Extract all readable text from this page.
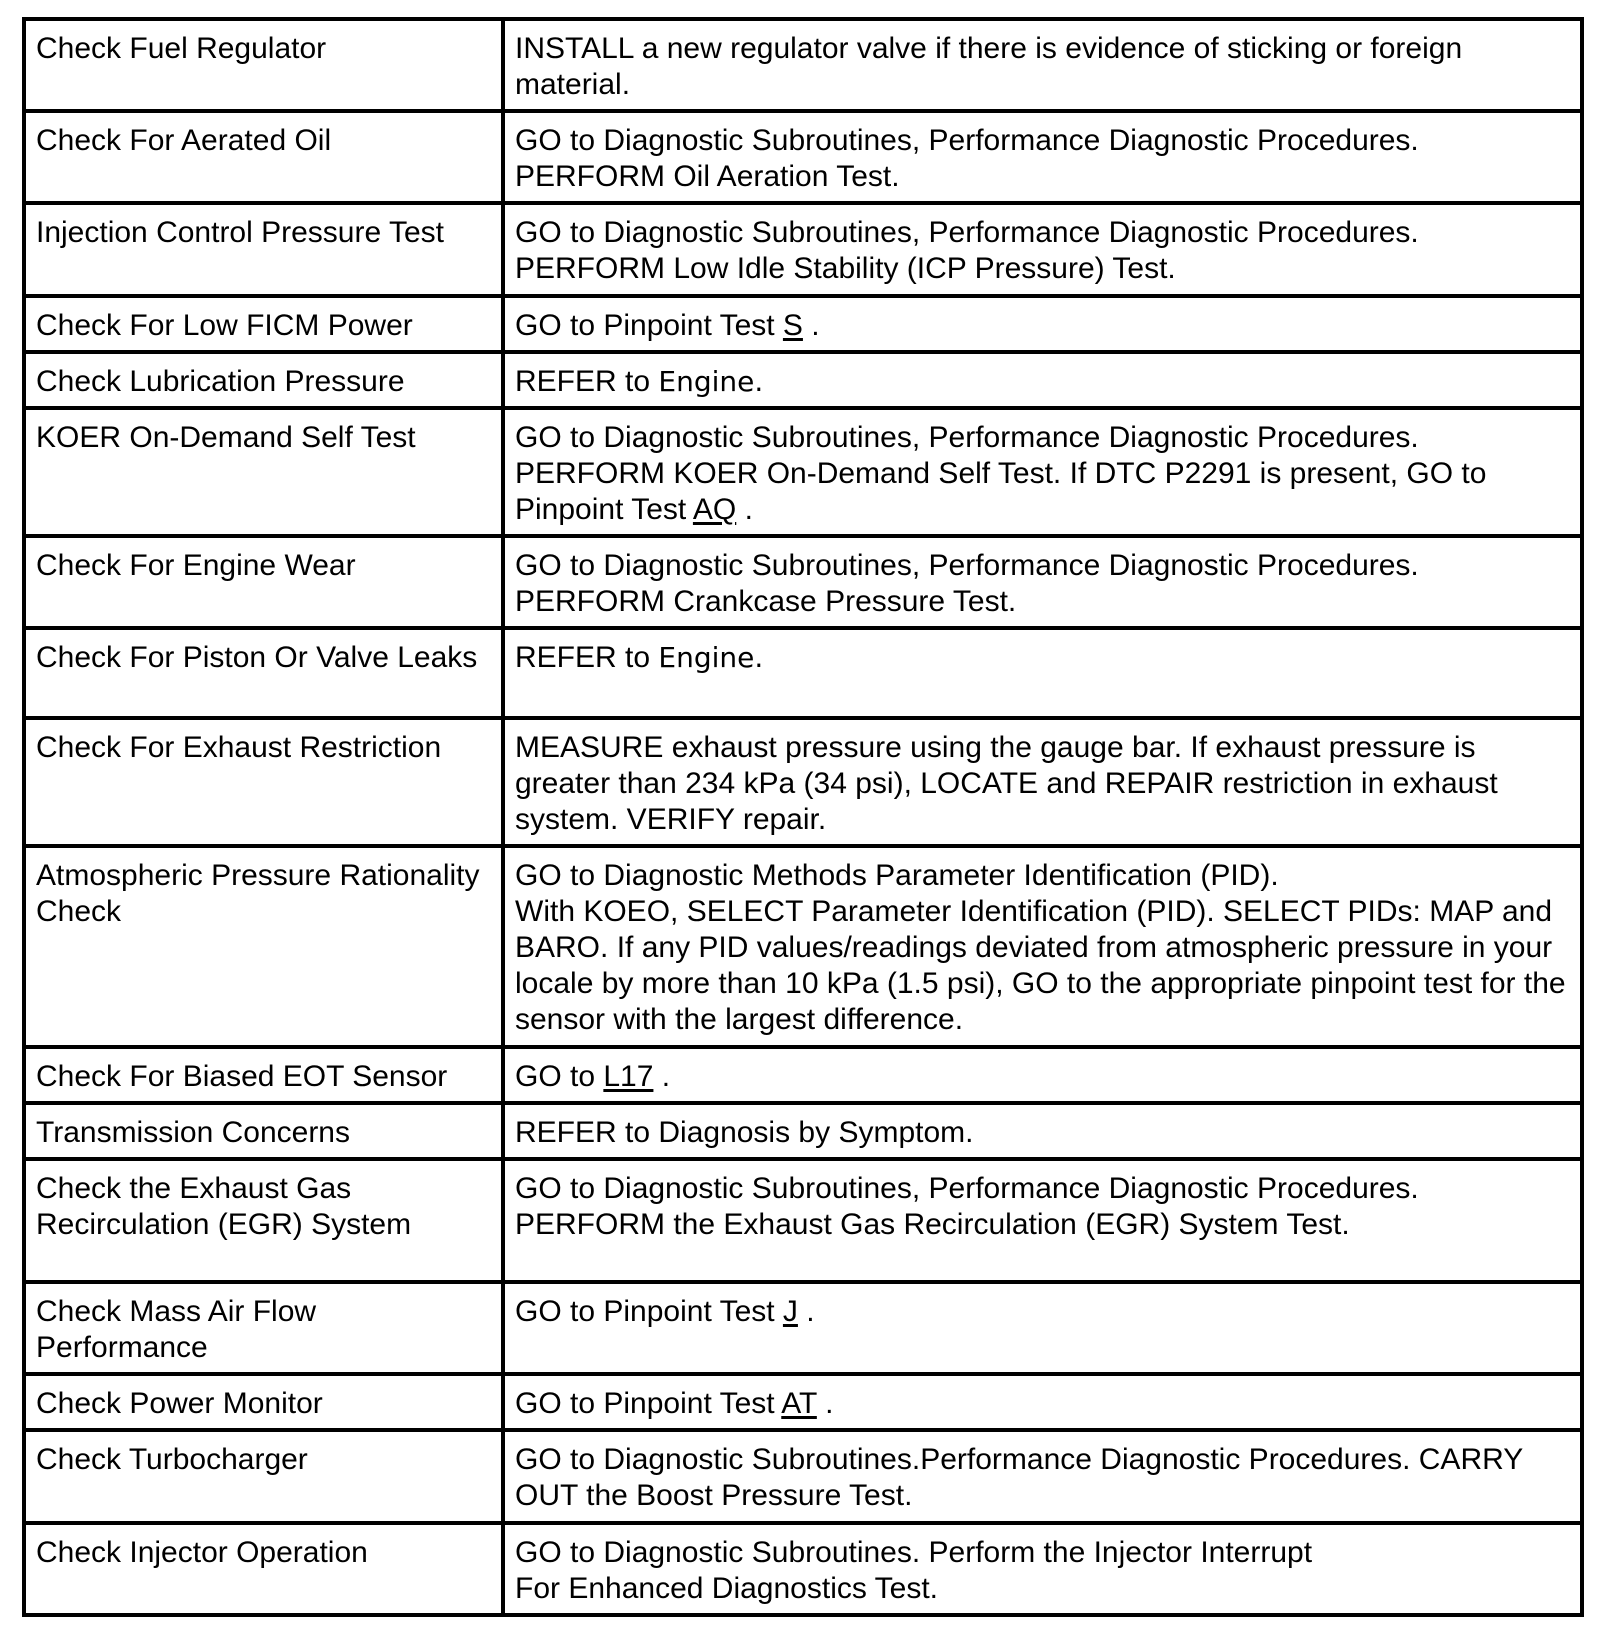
Check Fuel Regulator	INSTALL a new regulator valve if there is evidence of sticking or foreign material.
Check For Aerated Oil	GO to Diagnostic Subroutines, Performance Diagnostic Procedures. PERFORM Oil Aeration Test.
Injection Control Pressure Test	GO to Diagnostic Subroutines, Performance Diagnostic Procedures. PERFORM Low Idle Stability (ICP Pressure) Test.
Check For Low FICM Power	GO to Pinpoint Test S .
Check Lubrication Pressure	REFER to Engine.
KOER On-Demand Self Test	GO to Diagnostic Subroutines, Performance Diagnostic Procedures. PERFORM KOER On-Demand Self Test. If DTC P2291 is present, GO to Pinpoint Test AQ .
Check For Engine Wear	GO to Diagnostic Subroutines, Performance Diagnostic Procedures. PERFORM Crankcase Pressure Test.
Check For Piston Or Valve Leaks	REFER to Engine.
Check For Exhaust Restriction	MEASURE exhaust pressure using the gauge bar. If exhaust pressure is greater than 234 kPa (34 psi), LOCATE and REPAIR restriction in exhaust system. VERIFY repair.
Atmospheric Pressure Rationality Check	GO to Diagnostic Methods Parameter Identification (PID).
With KOEO, SELECT Parameter Identification (PID). SELECT PIDs: MAP and BARO. If any PID values/readings deviated from atmospheric pressure in your locale by more than 10 kPa (1.5 psi), GO to the appropriate pinpoint test for the sensor with the largest difference.

Check For Biased EOT Sensor	GO to L17 .
Transmission Concerns	REFER to Diagnosis by Symptom.
Check the Exhaust Gas Recirculation (EGR) System	GO to Diagnostic Subroutines, Performance Diagnostic Procedures. PERFORM the Exhaust Gas Recirculation (EGR) System Test.
Check Mass Air Flow Performance	GO to Pinpoint Test J .
Check Power Monitor	GO to Pinpoint Test AT .
Check Turbocharger	GO to Diagnostic Subroutines.Performance Diagnostic Procedures. CARRY OUT the Boost Pressure Test.
Check Injector Operation	GO to Diagnostic Subroutines. Perform the Injector Interrupt
For Enhanced Diagnostics Test.
